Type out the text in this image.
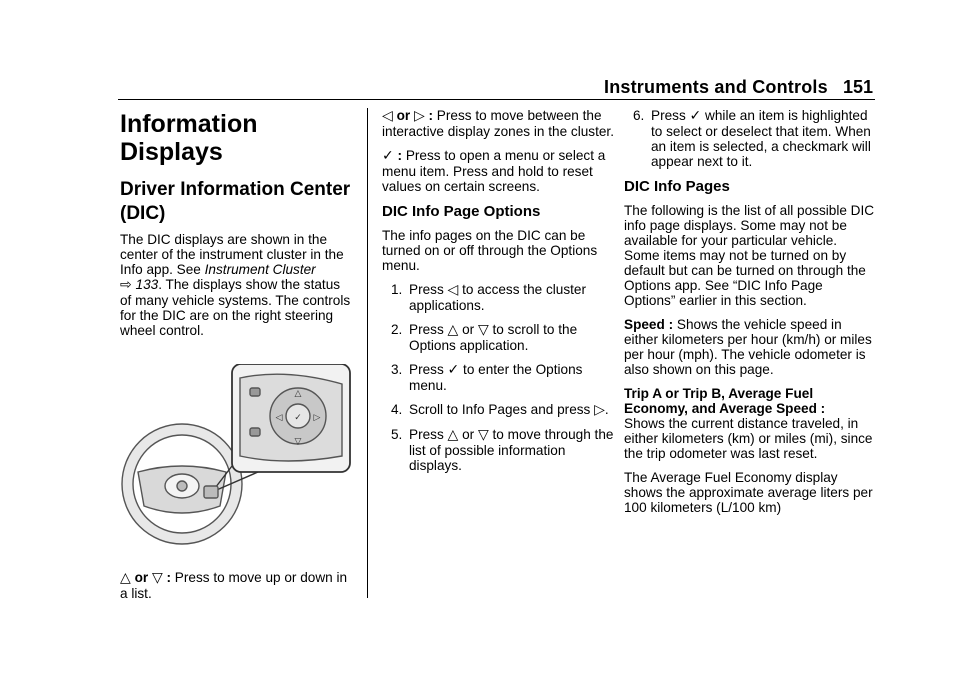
Instruments and Controls 151
Information Displays
Driver Information Center (DIC)

The DIC displays are shown in the center of the instrument cluster in the Info app. See Instrument Cluster
⇨ 133. The displays show the status of many vehicle systems. The controls for the DIC are on the right steering wheel control.

△
▽
◁	▷
✓

△ or ▽ : Press to move up or down in a list.

◁ or ▷ : Press to move between the interactive display zones in the cluster.

✓ : Press to open a menu or select a menu item. Press and hold to reset values on certain screens.

DIC Info Page Options

The info pages on the DIC can be turned on or off through the Options menu.

1. Press ◁ to access the cluster applications.
2. Press △ or ▽ to scroll to the Options application.
3. Press ✓ to enter the Options menu.
4. Scroll to Info Pages and press ▷.
5. Press △ or ▽ to move through the list of possible information displays.
6. Press ✓ while an item is highlighted to select or deselect that item. When an item is selected, a checkmark will appear next to it.
DIC Info Pages

The following is the list of all possible DIC info page displays. Some may not be available for your particular vehicle. Some items may not be turned on by default but can be turned on through the Options app. See “DIC Info Page Options” earlier in this section.

Speed : Shows the vehicle speed in either kilometers per hour (km/h) or miles per hour (mph). The vehicle odometer is also shown on this page.

Trip A or Trip B, Average Fuel Economy, and Average Speed :
Shows the current distance traveled, in either kilometers (km) or miles (mi), since the trip odometer was last reset.

The Average Fuel Economy display shows the approximate average liters per 100 kilometers (L/100 km)
